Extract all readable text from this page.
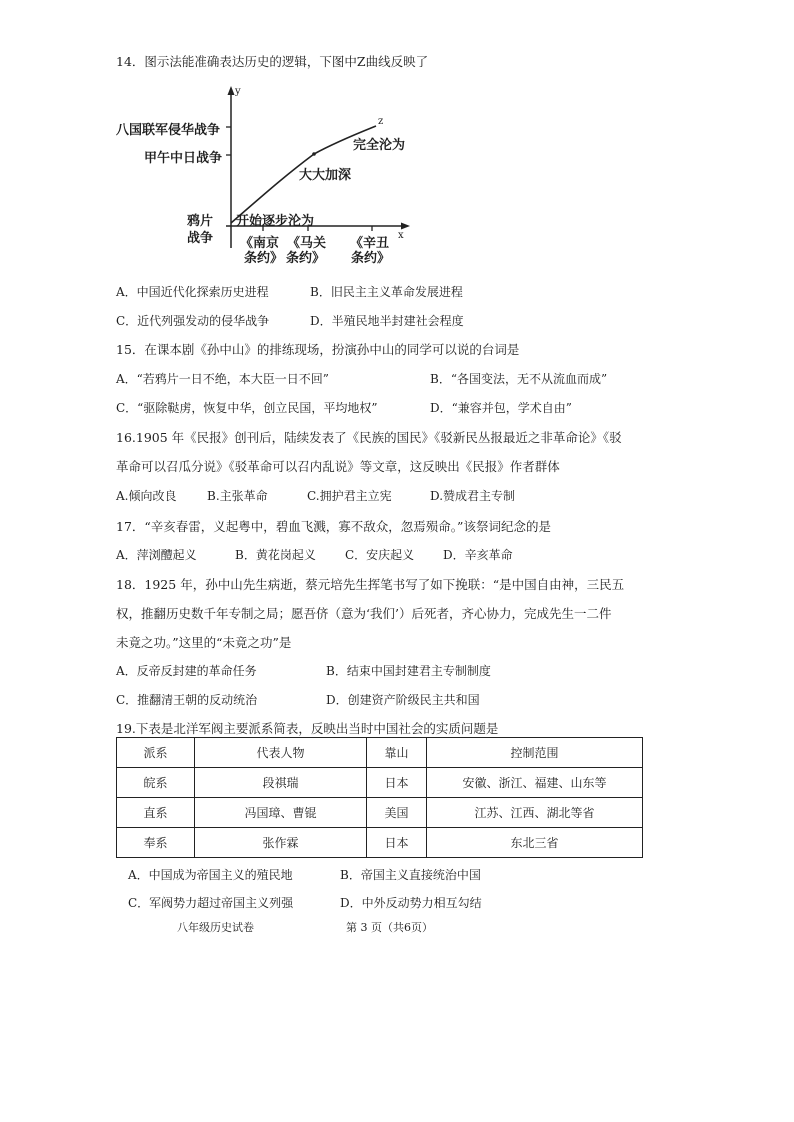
14．图示法能准确表达历史的逻辑，下图中Z曲线反映了
y
x
z
八国联军侵华战争
甲午中日战争
鸦片
战争 《南京
条约》
《马关
条约》
《辛丑
条约》
开始逐步沦为
大大加深
完全沦为
A．中国近代化探索历史进程	B．旧民主主义革命发展进程
C．近代列强发动的侵华战争	D．半殖民地半封建社会程度
15．在课本剧《孙中山》的排练现场，扮演孙中山的同学可以说的台词是
A．“若鸦片一日不绝，本大臣一日不回”	B．“各国变法，无不从流血而成”
C．“驱除鞑虏，恢复中华，创立民国，平均地权”	D．“兼容并包，学术自由”
16.1905 年《民报》创刊后，陆续发表了《民族的国民》《驳新民丛报最近之非革命论》《驳
革命可以召瓜分说》《驳革命可以召内乱说》等文章，这反映出《民报》作者群体
A.倾向改良	B.主张革命	C.拥护君主立宪	D.赞成君主专制
17．“辛亥春雷，义起粤中，碧血飞溅，寡不敌众，忽焉殒命。”该祭词纪念的是
A．萍浏醴起义	B．黄花岗起义 C．安庆起义 D．辛亥革命
18．1925 年，孙中山先生病逝，蔡元培先生挥笔书写了如下挽联：“是中国自由神，三民五
权，推翻历史数千年专制之局；愿吾侪（意为‘我们’）后死者，齐心协力，完成先生一二件
未竟之功。”这里的“未竟之功”是
A．反帝反封建的革命任务	B．结束中国封建君主专制制度
C．推翻清王朝的反动统治	D．创建资产阶级民主共和国
19.下表是北洋军阀主要派系简表，反映出当时中国社会的实质问题是
派系	代表人物	靠山	控制范围
皖系	段祺瑞	日本	安徽、浙江、福建、山东等
直系	冯国璋、曹锟	美国	江苏、江西、湖北等省
奉系	张作霖	日本	东北三省
A．中国成为帝国主义的殖民地	B．帝国主义直接统治中国
C．军阀势力超过帝国主义列强	D．中外反动势力相互勾结
八年级历史试卷	第 3 页（共6页）
